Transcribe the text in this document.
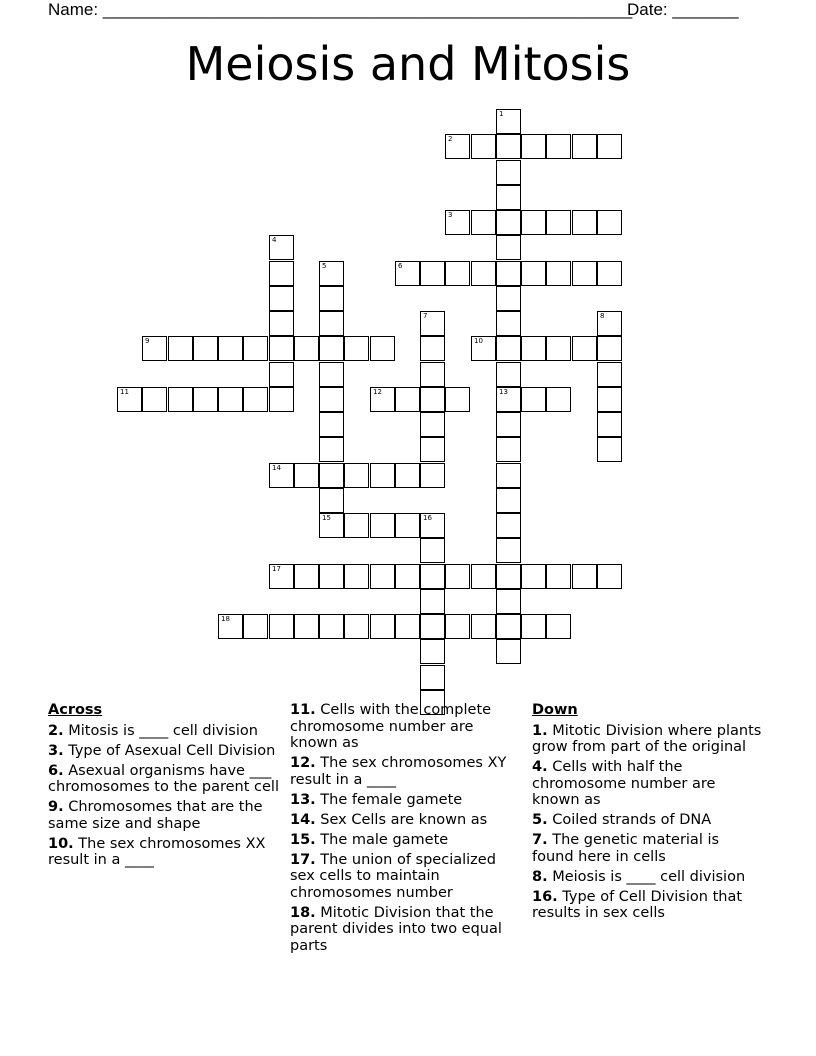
Name: ________________________________________________________
Date: _______
Meiosis and Mitosis
1
13
2
3
4
5
15
6
7	8
9	10
11	12
14
16
17
18
Across
2. Mitosis is ____ cell division
3. Type of Asexual Cell Division
6. Asexual organisms have ___ chromosomes to the parent cell
9. Chromosomes that are the same size and shape
10. The sex chromosomes XX result in a ____
11. Cells with the complete chromosome number are known as
12. The sex chromosomes XY result in a ____
13. The female gamete
14. Sex Cells are known as
15. The male gamete
17. The union of specialized sex cells to maintain chromosomes number
18. Mitotic Division that the parent divides into two equal parts
Down
1. Mitotic Division where plants grow from part of the original
4. Cells with half the chromosome number are known as
5. Coiled strands of DNA
7. The genetic material is found here in cells
8. Meiosis is ____ cell division
16. Type of Cell Division that results in sex cells
